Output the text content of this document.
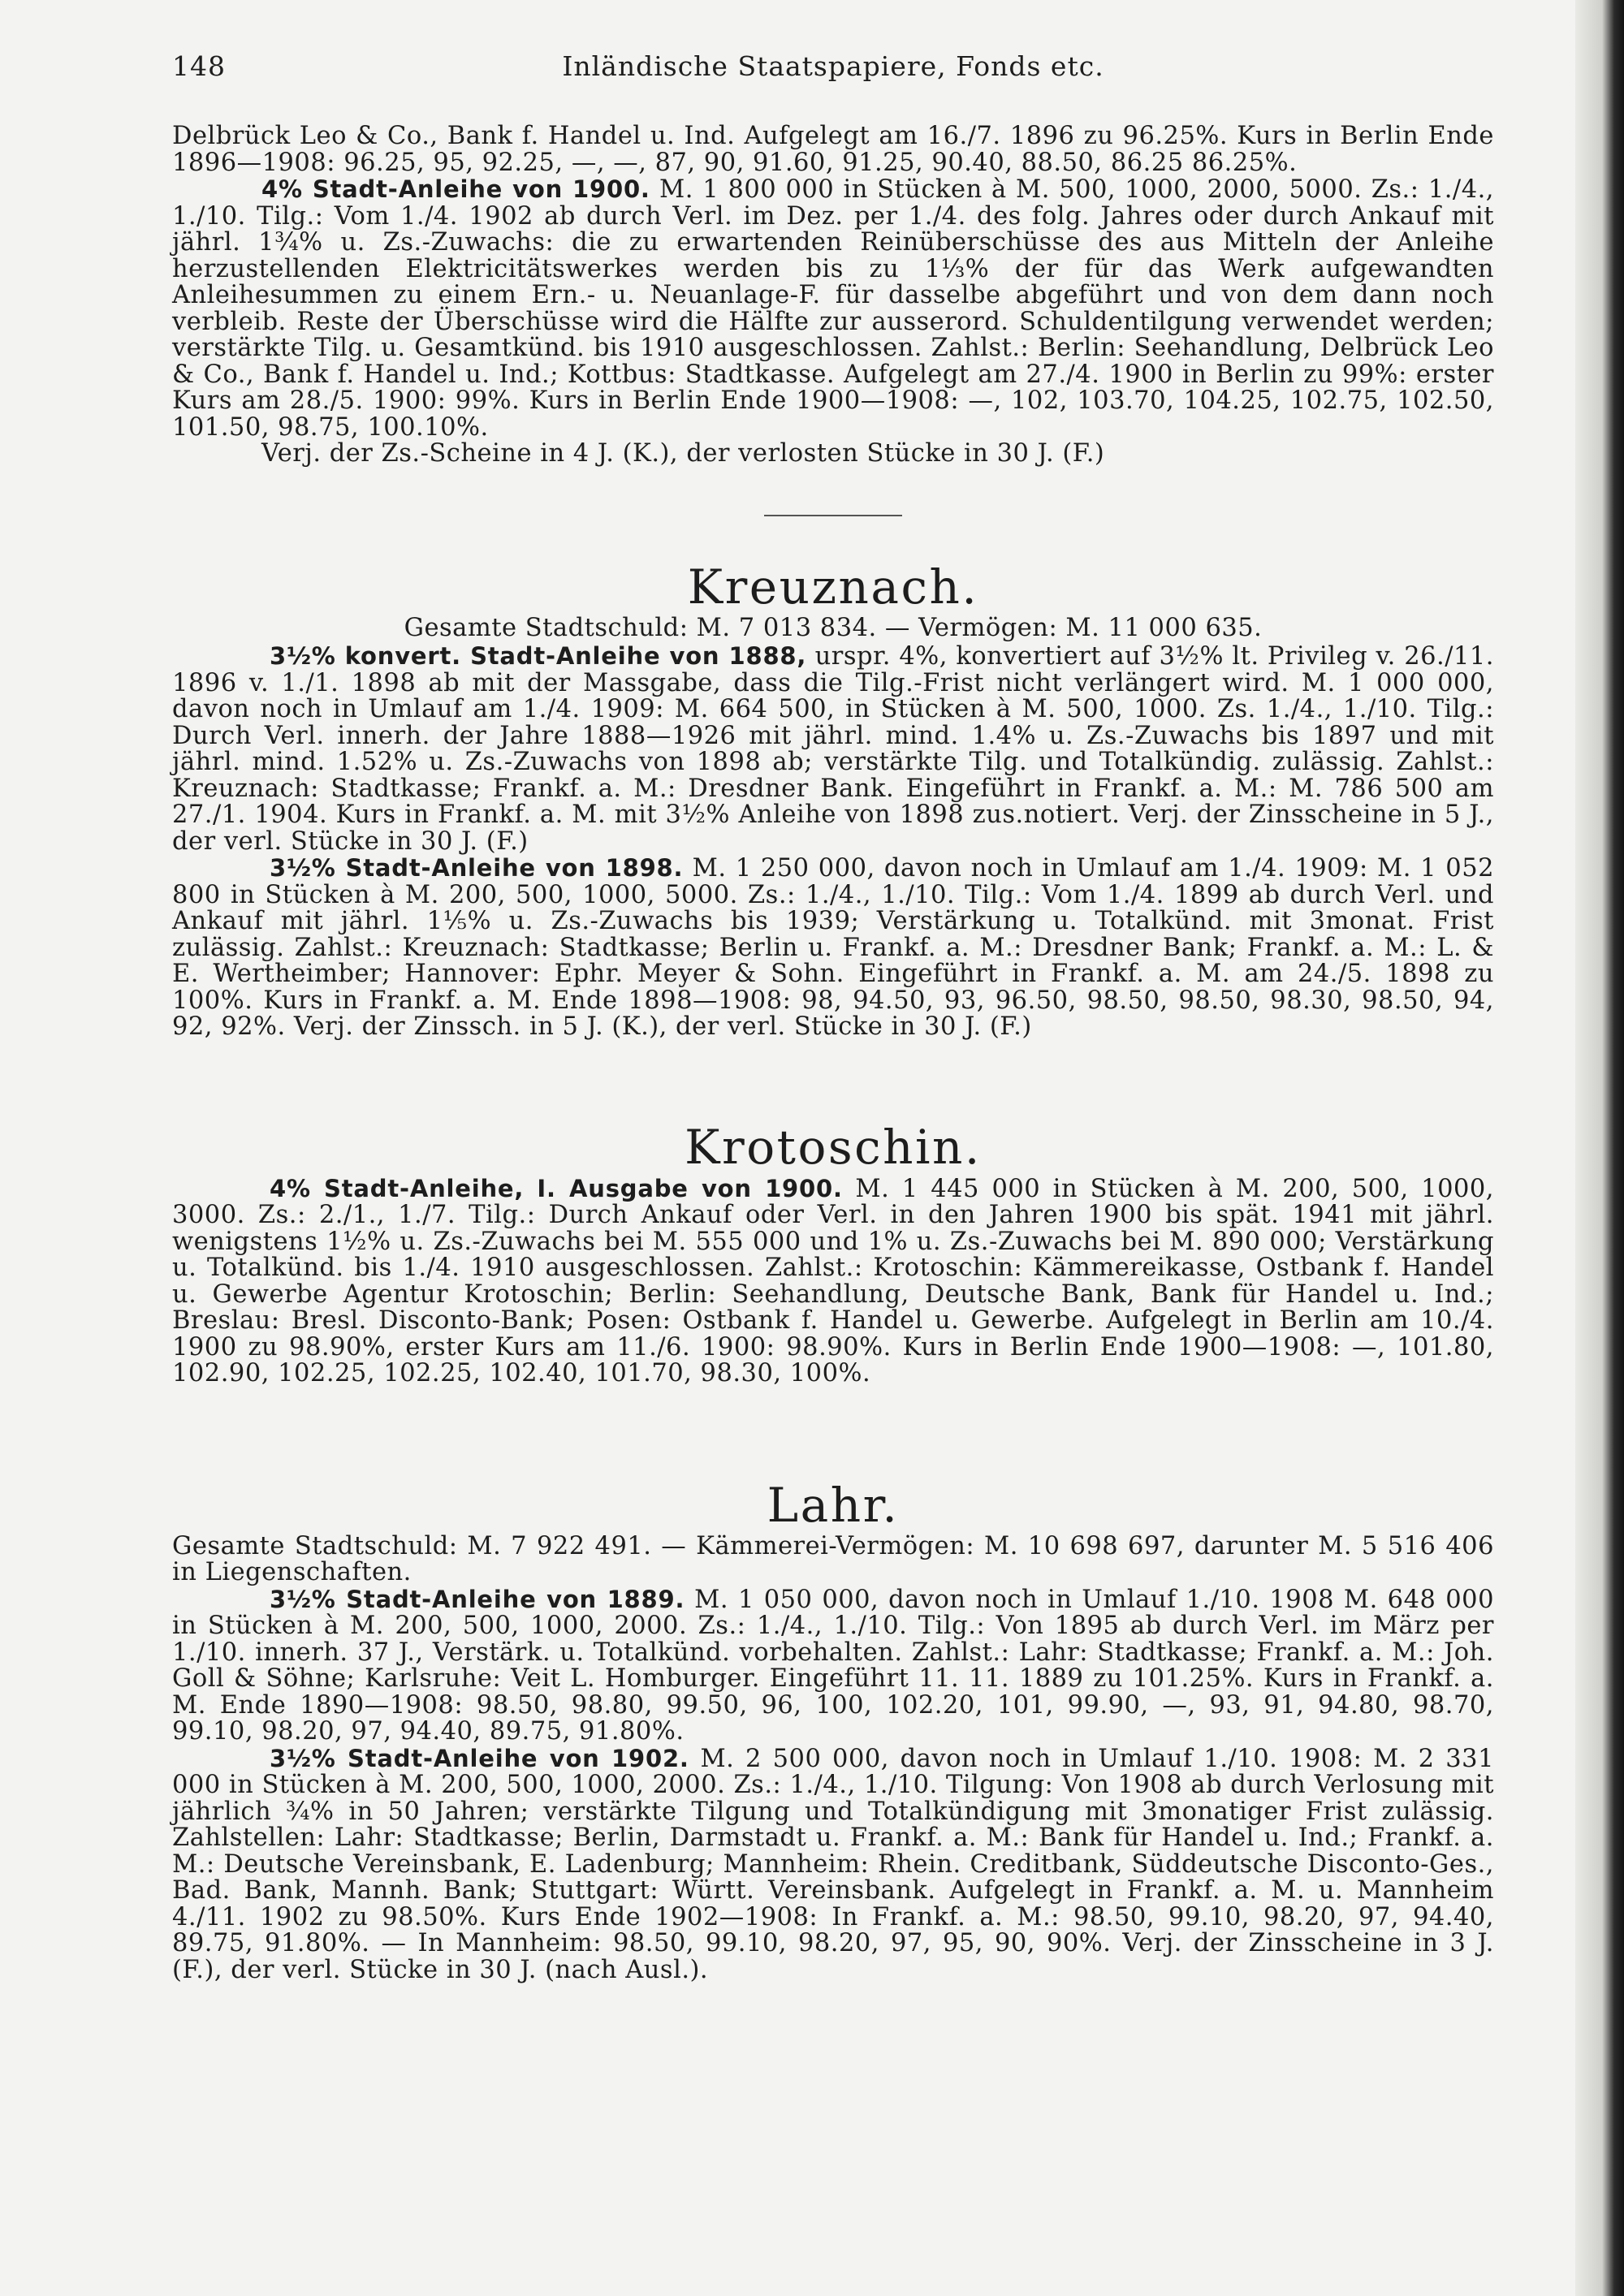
148	Inländische Staatspapiere, Fonds etc.

Delbrück Leo & Co., Bank f. Handel u. Ind. Aufgelegt am 16./7. 1896 zu 96.25%. Kurs in Berlin Ende 1896—1908: 96.25, 95, 92.25, —, —, 87, 90, 91.60, 91.25, 90.40, 88.50, 86.25 86.25%.

4% Stadt-Anleihe von 1900. M. 1 800 000 in Stücken à M. 500, 1000, 2000, 5000. Zs.: 1./4., 1./10. Tilg.: Vom 1./4. 1902 ab durch Verl. im Dez. per 1./4. des folg. Jahres oder durch Ankauf mit jährl. 1¾% u. Zs.-Zuwachs: die zu erwartenden Reinüberschüsse des aus Mitteln der Anleihe herzustellenden Elektricitätswerkes werden bis zu 1⅓% der für das Werk aufgewandten Anleihesummen zu einem Ern.- u. Neuanlage-F. für dasselbe abgeführt und von dem dann noch verbleib. Reste der Überschüsse wird die Hälfte zur ausserord. Schuldentilgung verwendet werden; verstärkte Tilg. u. Gesamtkünd. bis 1910 ausgeschlossen. Zahlst.: Berlin: Seehandlung, Delbrück Leo & Co., Bank f. Handel u. Ind.; Kottbus: Stadtkasse. Aufgelegt am 27./4. 1900 in Berlin zu 99%: erster Kurs am 28./5. 1900: 99%. Kurs in Berlin Ende 1900—1908: —, 102, 103.70, 104.25, 102.75, 102.50, 101.50, 98.75, 100.10%.

Verj. der Zs.-Scheine in 4 J. (K.), der verlosten Stücke in 30 J. (F.)

Kreuznach.
Gesamte Stadtschuld: M. 7 013 834. — Vermögen: M. 11 000 635.

3½% konvert. Stadt-Anleihe von 1888, urspr. 4%, konvertiert auf 3½% lt. Privileg v. 26./11. 1896 v. 1./1. 1898 ab mit der Massgabe, dass die Tilg.-Frist nicht verlängert wird. M. 1 000 000, davon noch in Umlauf am 1./4. 1909: M. 664 500, in Stücken à M. 500, 1000. Zs. 1./4., 1./10. Tilg.: Durch Verl. innerh. der Jahre 1888—1926 mit jährl. mind. 1.4% u. Zs.-Zuwachs bis 1897 und mit jährl. mind. 1.52% u. Zs.-Zuwachs von 1898 ab; verstärkte Tilg. und Totalkündig. zulässig. Zahlst.: Kreuznach: Stadtkasse; Frankf. a. M.: Dresdner Bank. Eingeführt in Frankf. a. M.: M. 786 500 am 27./1. 1904. Kurs in Frankf. a. M. mit 3½% Anleihe von 1898 zus.notiert. Verj. der Zinsscheine in 5 J., der verl. Stücke in 30 J. (F.)

3½% Stadt-Anleihe von 1898. M. 1 250 000, davon noch in Umlauf am 1./4. 1909: M. 1 052 800 in Stücken à M. 200, 500, 1000, 5000. Zs.: 1./4., 1./10. Tilg.: Vom 1./4. 1899 ab durch Verl. und Ankauf mit jährl. 1⅕% u. Zs.-Zuwachs bis 1939; Verstärkung u. Totalkünd. mit 3monat. Frist zulässig. Zahlst.: Kreuznach: Stadtkasse; Berlin u. Frankf. a. M.: Dresdner Bank; Frankf. a. M.: L. & E. Wertheimber; Hannover: Ephr. Meyer & Sohn. Eingeführt in Frankf. a. M. am 24./5. 1898 zu 100%. Kurs in Frankf. a. M. Ende 1898—1908: 98, 94.50, 93, 96.50, 98.50, 98.50, 98.30, 98.50, 94, 92, 92%. Verj. der Zinssch. in 5 J. (K.), der verl. Stücke in 30 J. (F.)

Krotoschin.

4% Stadt-Anleihe, I. Ausgabe von 1900. M. 1 445 000 in Stücken à M. 200, 500, 1000, 3000. Zs.: 2./1., 1./7. Tilg.: Durch Ankauf oder Verl. in den Jahren 1900 bis spät. 1941 mit jährl. wenigstens 1½% u. Zs.-Zuwachs bei M. 555 000 und 1% u. Zs.-Zuwachs bei M. 890 000; Verstärkung u. Totalkünd. bis 1./4. 1910 ausgeschlossen. Zahlst.: Krotoschin: Kämmereikasse, Ostbank f. Handel u. Gewerbe Agentur Krotoschin; Berlin: Seehandlung, Deutsche Bank, Bank für Handel u. Ind.; Breslau: Bresl. Disconto-Bank; Posen: Ostbank f. Handel u. Gewerbe. Aufgelegt in Berlin am 10./4. 1900 zu 98.90%, erster Kurs am 11./6. 1900: 98.90%. Kurs in Berlin Ende 1900—1908: —, 101.80, 102.90, 102.25, 102.25, 102.40, 101.70, 98.30, 100%.

Lahr.

Gesamte Stadtschuld: M. 7 922 491. — Kämmerei-Vermögen: M. 10 698 697, darunter M. 5 516 406 in Liegenschaften.

3½% Stadt-Anleihe von 1889. M. 1 050 000, davon noch in Umlauf 1./10. 1908 M. 648 000 in Stücken à M. 200, 500, 1000, 2000. Zs.: 1./4., 1./10. Tilg.: Von 1895 ab durch Verl. im März per 1./10. innerh. 37 J., Verstärk. u. Totalkünd. vorbehalten. Zahlst.: Lahr: Stadtkasse; Frankf. a. M.: Joh. Goll & Söhne; Karlsruhe: Veit L. Homburger. Eingeführt 11. 11. 1889 zu 101.25%. Kurs in Frankf. a. M. Ende 1890—1908: 98.50, 98.80, 99.50, 96, 100, 102.20, 101, 99.90, —, 93, 91, 94.80, 98.70, 99.10, 98.20, 97, 94.40, 89.75, 91.80%.

3½% Stadt-Anleihe von 1902. M. 2 500 000, davon noch in Umlauf 1./10. 1908: M. 2 331 000 in Stücken à M. 200, 500, 1000, 2000. Zs.: 1./4., 1./10. Tilgung: Von 1908 ab durch Verlosung mit jährlich ¾% in 50 Jahren; verstärkte Tilgung und Totalkündigung mit 3monatiger Frist zulässig. Zahlstellen: Lahr: Stadtkasse; Berlin, Darmstadt u. Frankf. a. M.: Bank für Handel u. Ind.; Frankf. a. M.: Deutsche Vereinsbank, E. Ladenburg; Mannheim: Rhein. Creditbank, Süddeutsche Disconto-Ges., Bad. Bank, Mannh. Bank; Stuttgart: Württ. Vereinsbank. Aufgelegt in Frankf. a. M. u. Mannheim 4./11. 1902 zu 98.50%. Kurs Ende 1902—1908: In Frankf. a. M.: 98.50, 99.10, 98.20, 97, 94.40, 89.75, 91.80%. — In Mannheim: 98.50, 99.10, 98.20, 97, 95, 90, 90%. Verj. der Zinsscheine in 3 J. (F.), der verl. Stücke in 30 J. (nach Ausl.).
